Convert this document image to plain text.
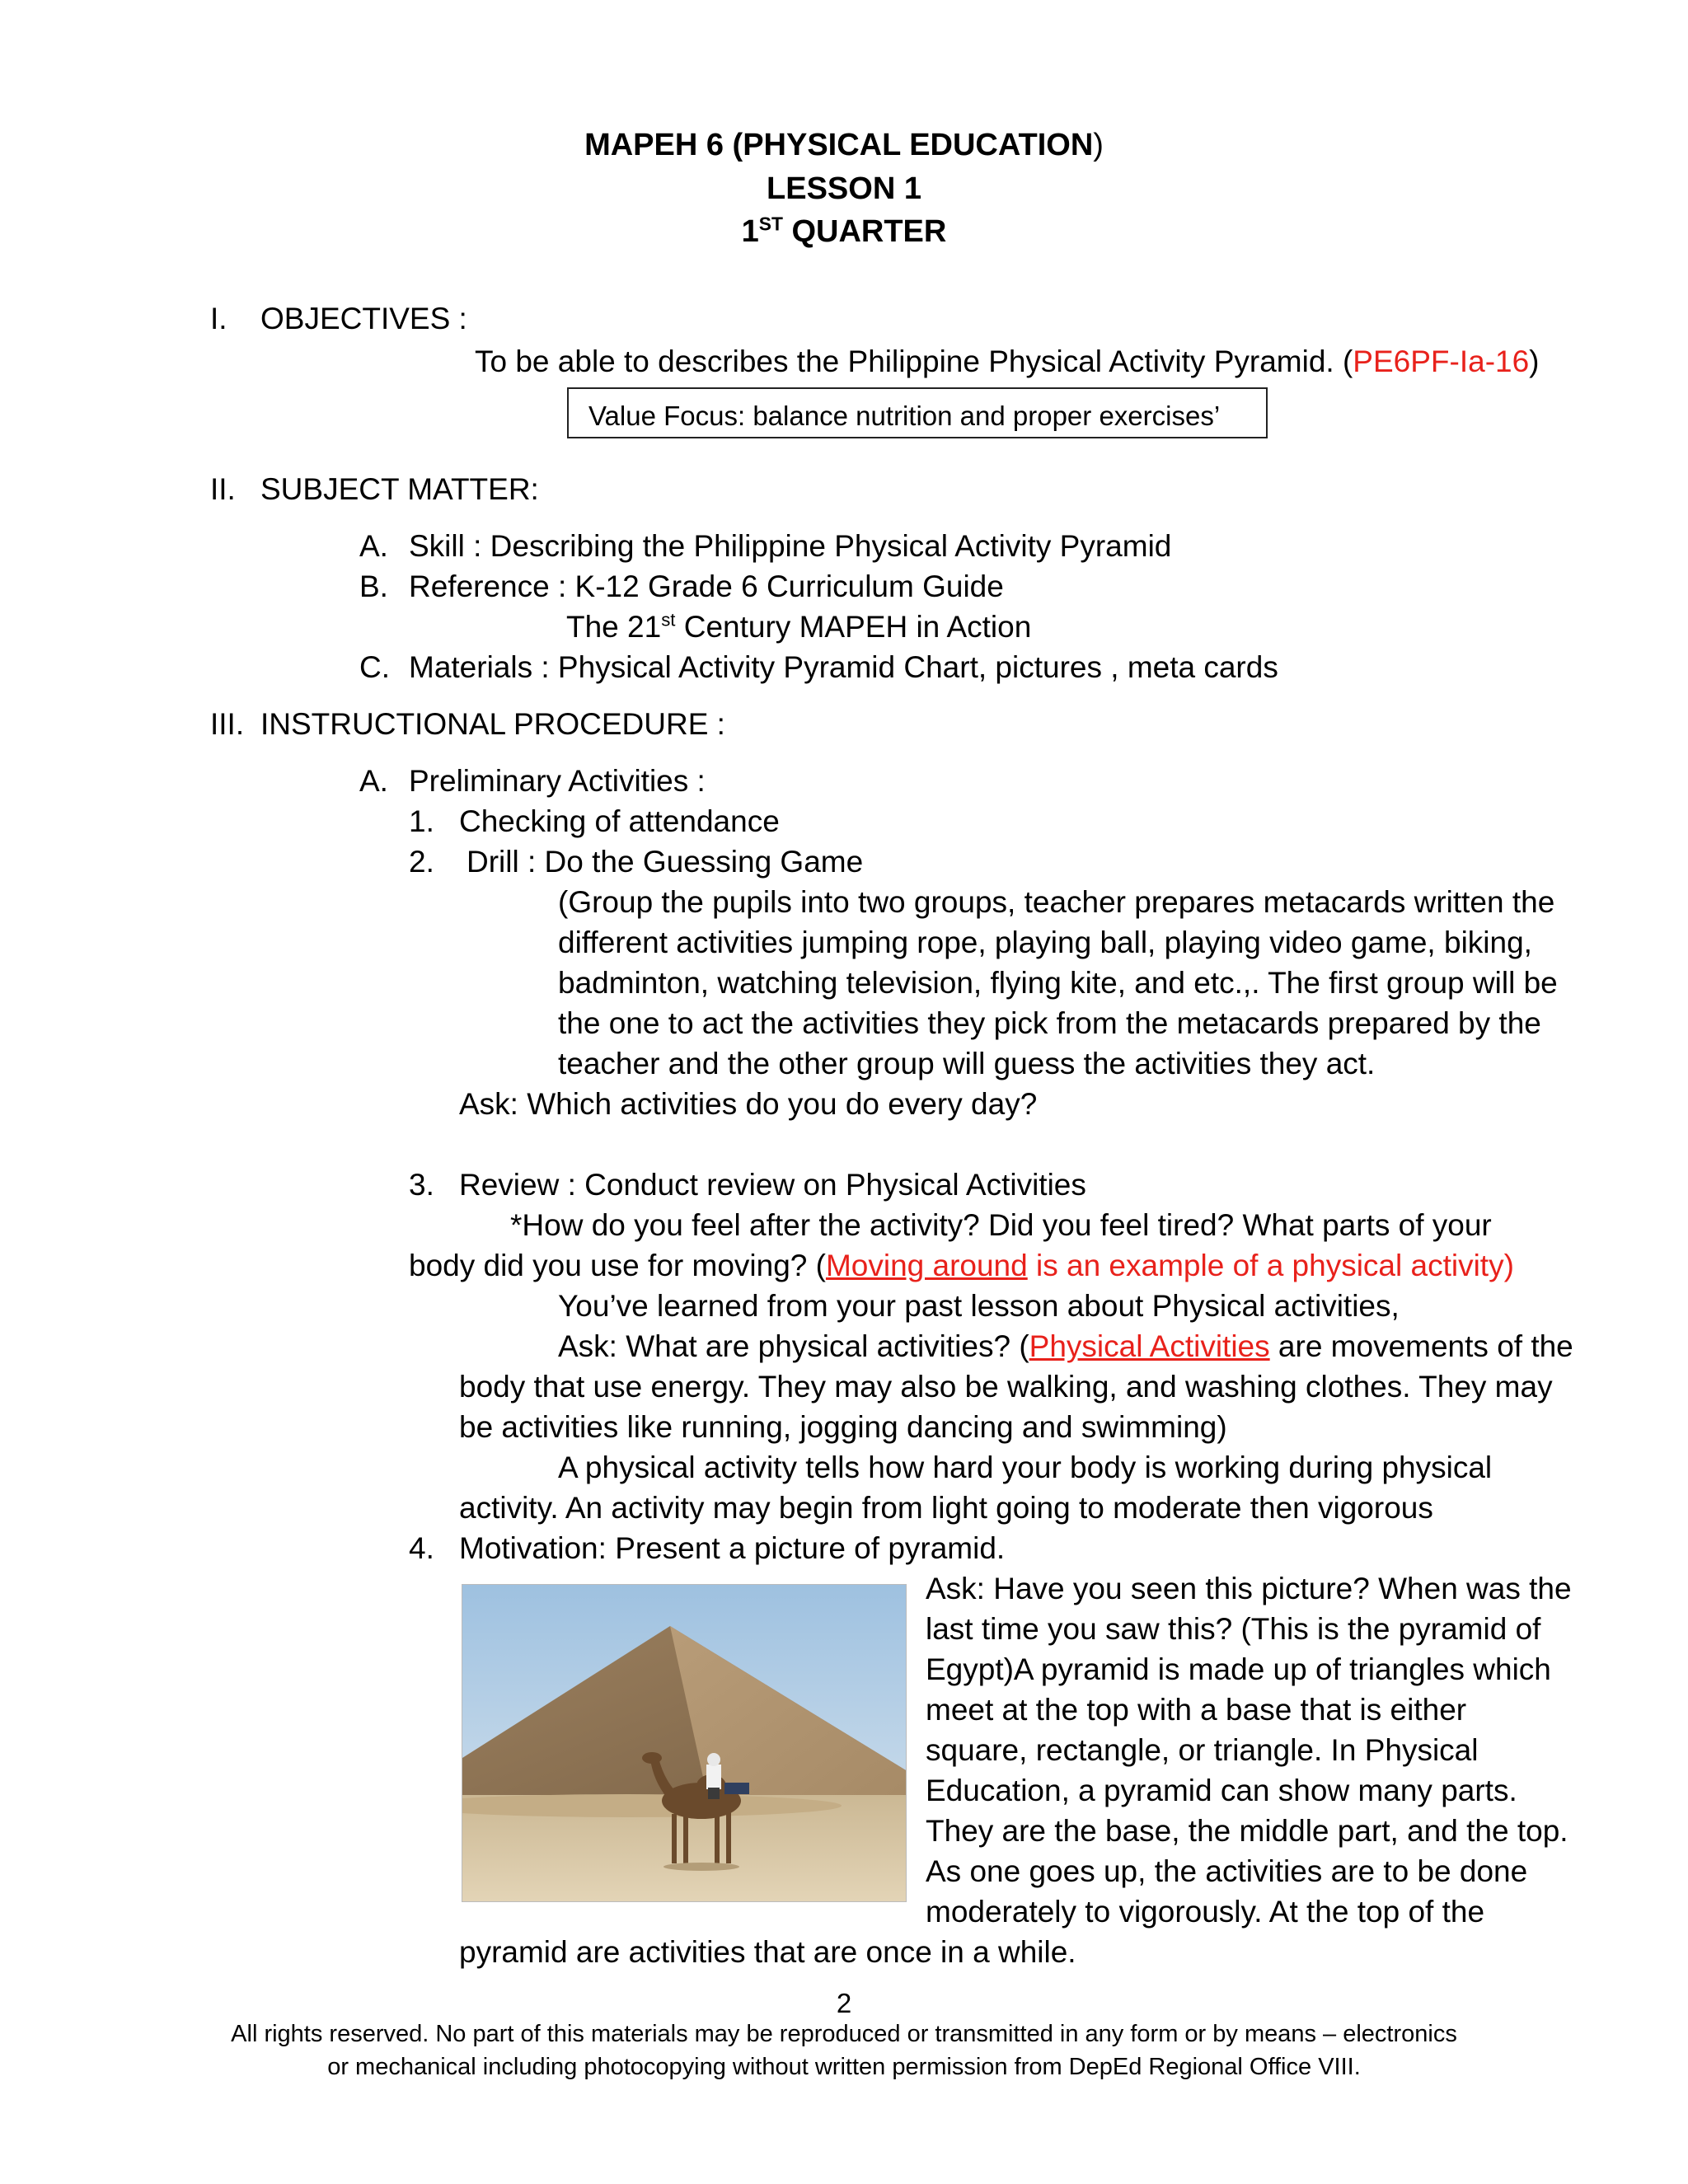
MAPEH 6 (PHYSICAL EDUCATION)
LESSON 1
1ST QUARTER
I. OBJECTIVES :
To be able to describes the Philippine Physical Activity Pyramid. (PE6PF-Ia-16)
Value Focus: balance nutrition and proper exercises’
II. SUBJECT MATTER:
A. Skill : Describing the Philippine Physical Activity Pyramid
B. Reference : K-12 Grade 6 Curriculum Guide
The 21st Century MAPEH in Action
C. Materials : Physical Activity Pyramid Chart, pictures , meta cards
III. INSTRUCTIONAL PROCEDURE :
A. Preliminary Activities :
1. Checking of attendance
2. Drill : Do the Guessing Game
(Group the pupils into two groups, teacher prepares metacards written the
different activities jumping rope, playing ball, playing video game, biking,
badminton, watching television, flying kite, and etc.,. The first group will be
the one to act the activities they pick from the metacards prepared by the
teacher and the other group will guess the activities they act.
Ask: Which activities do you do every day?
3. Review : Conduct review on Physical Activities
*How do you feel after the activity? Did you feel tired? What parts of your
body did you use for moving? (Moving around is an example of a physical activity)
You’ve learned from your past lesson about Physical activities,
Ask: What are physical activities? (Physical Activities are movements of the
body that use energy. They may also be walking, and washing clothes. They may
be activities like running, jogging dancing and swimming)
A physical activity tells how hard your body is working during physical
activity. An activity may begin from light going to moderate then vigorous
4. Motivation: Present a picture of pyramid.
Ask: Have you seen this picture? When was the
last time you saw this? (This is the pyramid of
Egypt)A pyramid is made up of triangles which
meet at the top with a base that is either
square, rectangle, or triangle. In Physical
Education, a pyramid can show many parts.
They are the base, the middle part, and the top.
As one goes up, the activities are to be done
moderately to vigorously. At the top of the
pyramid are activities that are once in a while.
2
All rights reserved. No part of this materials may be reproduced or transmitted in any form or by means – electronics
or mechanical including photocopying without written permission from DepEd Regional Office VIII.
